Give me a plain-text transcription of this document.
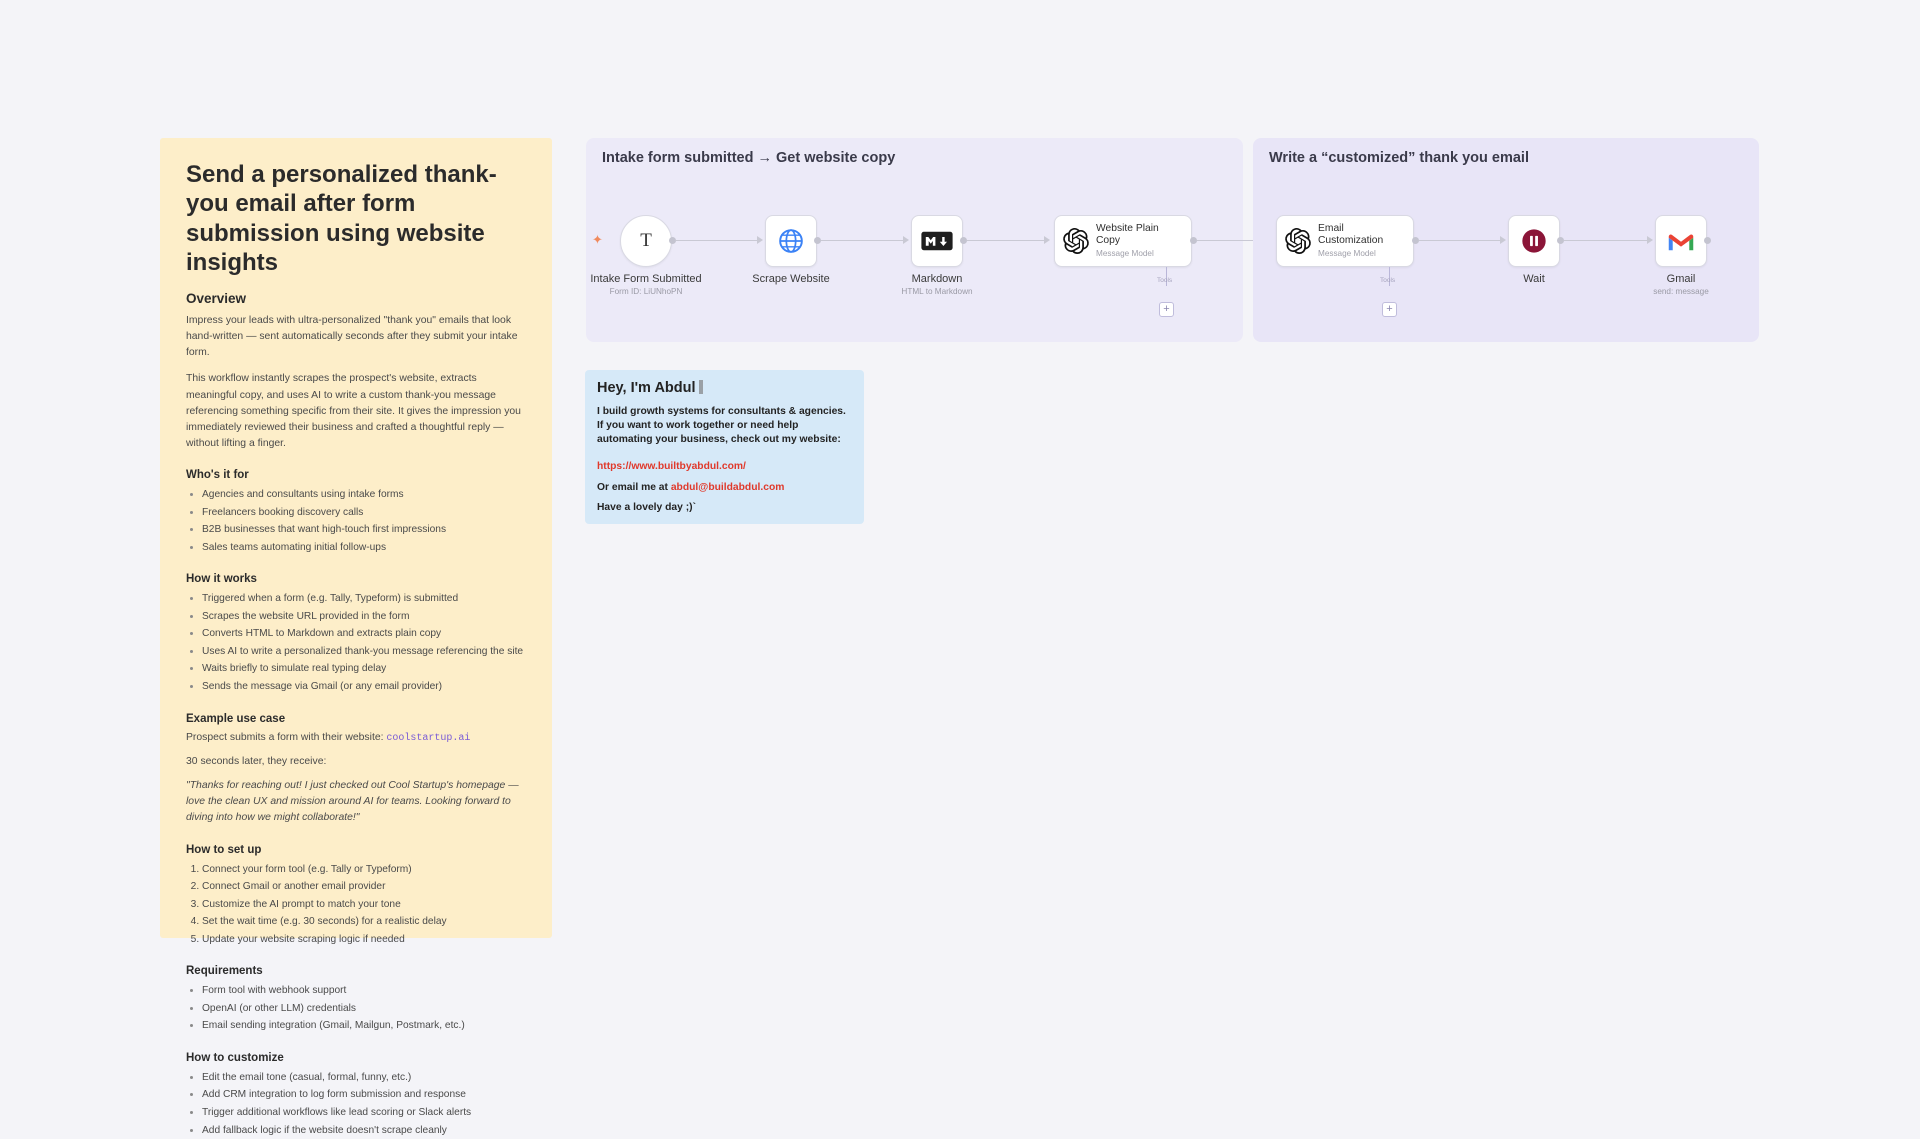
Send a personalized thank-you email after form submission using website insights
Overview

Impress your leads with ultra-personalized "thank you" emails that look hand-written — sent automatically seconds after they submit your intake form.

This workflow instantly scrapes the prospect's website, extracts meaningful copy, and uses AI to write a custom thank-you message referencing something specific from their site. It gives the impression you immediately reviewed their business and crafted a thoughtful reply — without lifting a finger.

Who's it for
• Agencies and consultants using intake forms
• Freelancers booking discovery calls
• B2B businesses that want high-touch first impressions
• Sales teams automating initial follow-ups
How it works
• Triggered when a form (e.g. Tally, Typeform) is submitted
• Scrapes the website URL provided in the form
• Converts HTML to Markdown and extracts plain copy
• Uses AI to write a personalized thank-you message referencing the site
• Waits briefly to simulate real typing delay
• Sends the message via Gmail (or any email provider)
Example use case

Prospect submits a form with their website: coolstartup.ai

30 seconds later, they receive:

"Thanks for reaching out! I just checked out Cool Startup's homepage — love the clean UX and mission around AI for teams. Looking forward to diving into how we might collaborate!"

How to set up
1. Connect your form tool (e.g. Tally or Typeform)
2. Connect Gmail or another email provider
3. Customize the AI prompt to match your tone
4. Set the wait time (e.g. 30 seconds) for a realistic delay
5. Update your website scraping logic if needed
Requirements
• Form tool with webhook support
• OpenAI (or other LLM) credentials
• Email sending integration (Gmail, Mailgun, Postmark, etc.)
How to customize
• Edit the email tone (casual, formal, funny, etc.)
• Add CRM integration to log form submission and response
• Trigger additional workflows like lead scoring or Slack alerts
• Add fallback logic if the website doesn't scrape cleanly
Intake form submitted → Get website copy
✦ T
Intake Form Submitted
Form ID: LiUNhoPN
Scrape Website	Markdown
HTML to Markdown
Website Plain Copy
Message Model
Tools
+
Write a “customized” thank you email
Email Customization
Message Model
Tools
+
Wait	Gmail
send: message
Hey, I'm Abdul

I build growth systems for consultants & agencies. If you want to work together or need help automating your business, check out my website:

https://www.builtbyabdul.com/
Or email me at abdul@buildabdul.com

Have a lovely day ;)`
